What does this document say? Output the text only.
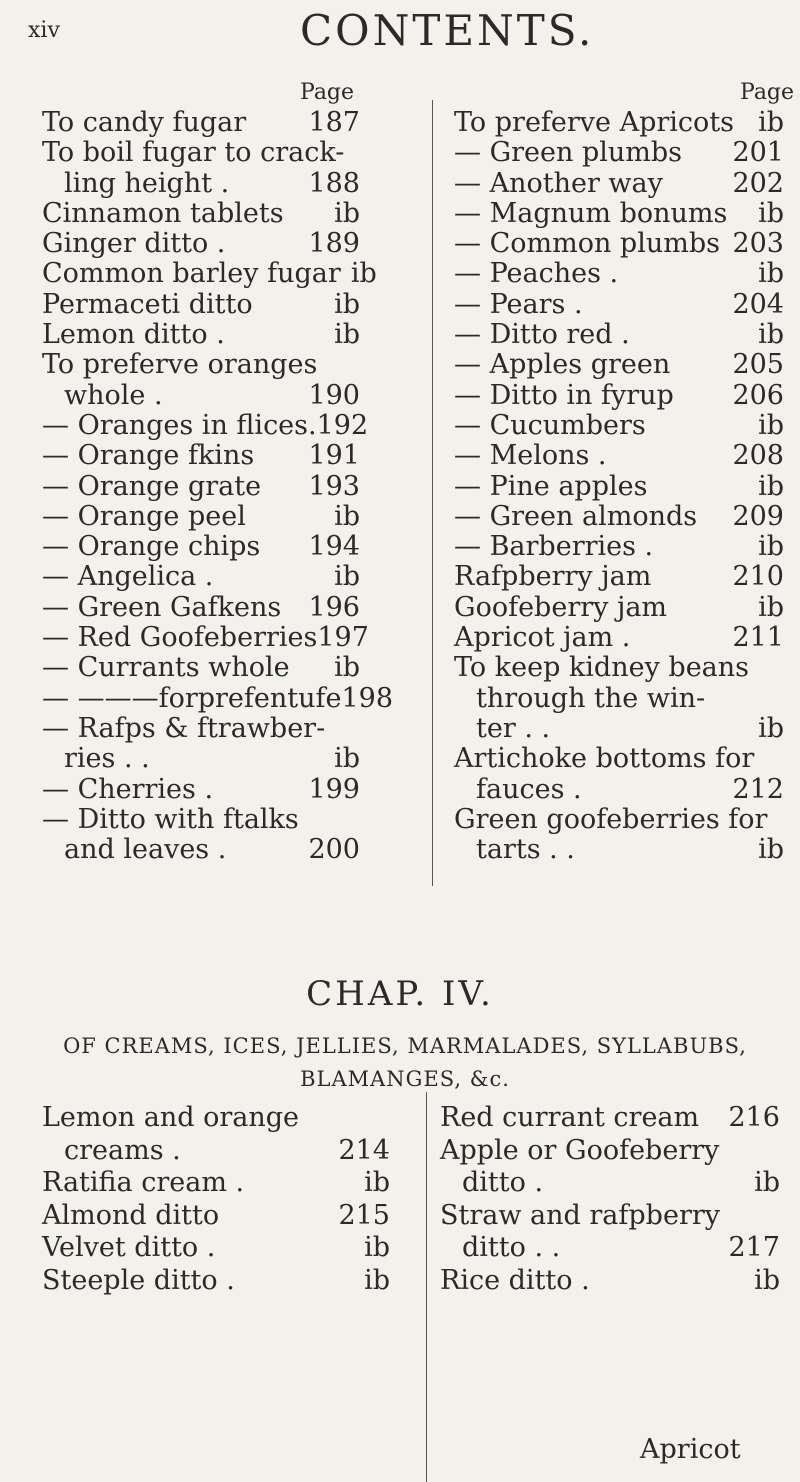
xiv	CONTENTS.
Page	Page
To candy fugar 187
To boil fugar to crack-
ling height .	188
Cinnamon tablets	ib
Ginger ditto .	189
Common barley fugar ib
Permaceti ditto	ib
Lemon ditto .	ib
To preferve oranges
whole .	190
— Oranges in flices. 192
— Orange fkins 191
— Orange grate 193
— Orange peel	ib
— Orange chips 194
— Angelica .	ib
— Green Gafkens 196
— Red Goofeberries 197
— Currants whole	ib
— ———forprefentufe 198
— Rafps & ftrawber-
ries . .	ib
— Cherries .	199
— Ditto with ftalks
and leaves .	200
To preferve Apricots ib
— Green plumbs 201
— Another way	202
— Magnum bonums	ib
— Common plumbs 203
— Peaches .	ib
— Pears .	204
— Ditto red .	ib
— Apples green 205
— Ditto in fyrup 206
— Cucumbers	ib
— Melons .	208
— Pine apples	ib
— Green almonds 209
— Barberries .	ib
Rafpberry jam	210
Goofeberry jam	ib
Apricot jam .	211
To keep kidney beans
through the win-
ter . .	ib
Artichoke bottoms for
fauces .	212
Green goofeberries for
tarts . .	ib
CHAP. IV.
OF CREAMS, ICES, JELLIES, MARMALADES, SYLLABUBS,
BLAMANGES, &c.
Lemon and orange
creams .	214
Ratifia cream .	ib
Almond ditto	215
Velvet ditto .	ib
Steeple ditto .	ib
Red currant cream 216
Apple or Goofeberry
ditto .	ib
Straw and rafpberry
ditto . .	217
Rice ditto .	ib
Apricot
